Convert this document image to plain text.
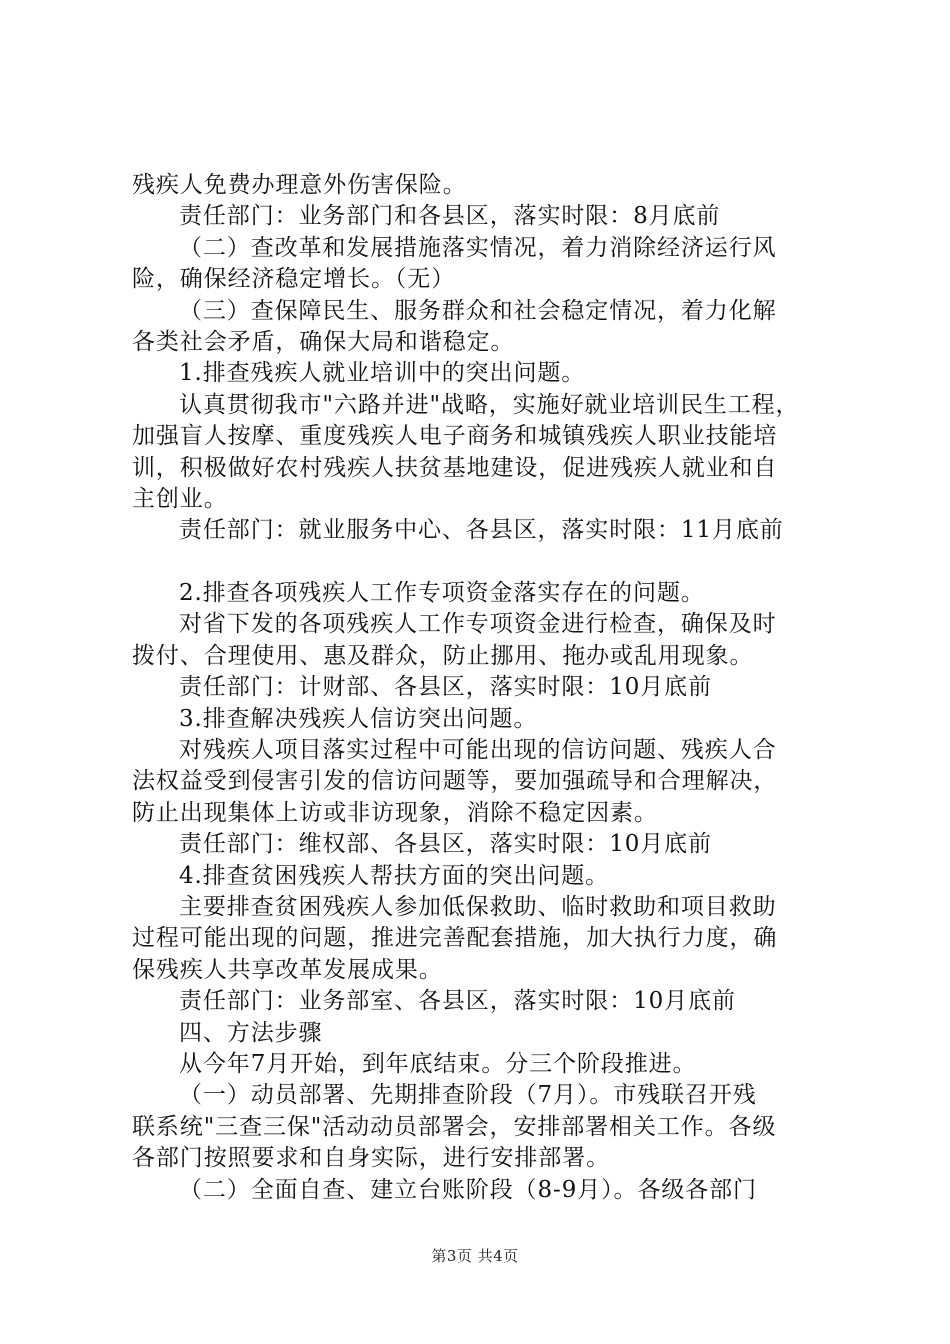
残疾人免费办理意外伤害保险。
责任部门：业务部门和各县区，落实时限：8月底前
（二）查改革和发展措施落实情况，着力消除经济运行风
险，确保经济稳定增长。（无）
（三）查保障民生、服务群众和社会稳定情况，着力化解
各类社会矛盾，确保大局和谐稳定。
1.排查残疾人就业培训中的突出问题。
认真贯彻我市"六路并进"战略，实施好就业培训民生工程，
加强盲人按摩、重度残疾人电子商务和城镇残疾人职业技能培
训，积极做好农村残疾人扶贫基地建设，促进残疾人就业和自
主创业。
责任部门：就业服务中心、各县区，落实时限：11月底前
2.排查各项残疾人工作专项资金落实存在的问题。
对省下发的各项残疾人工作专项资金进行检查，确保及时
拨付、合理使用、惠及群众，防止挪用、拖办或乱用现象。
责任部门：计财部、各县区，落实时限：10月底前
3.排查解决残疾人信访突出问题。
对残疾人项目落实过程中可能出现的信访问题、残疾人合
法权益受到侵害引发的信访问题等，要加强疏导和合理解决，
防止出现集体上访或非访现象，消除不稳定因素。
责任部门：维权部、各县区，落实时限：10月底前
4.排查贫困残疾人帮扶方面的突出问题。
主要排查贫困残疾人参加低保救助、临时救助和项目救助
过程可能出现的问题，推进完善配套措施，加大执行力度，确
保残疾人共享改革发展成果。
责任部门：业务部室、各县区，落实时限：10月底前
四、方法步骤
从今年7月开始，到年底结束。分三个阶段推进。
（一）动员部署、先期排查阶段（7月）。市残联召开残
联系统"三查三保"活动动员部署会，安排部署相关工作。各级
各部门按照要求和自身实际，进行安排部署。
（二）全面自查、建立台账阶段（8-9月）。各级各部门
第3页 共4页
